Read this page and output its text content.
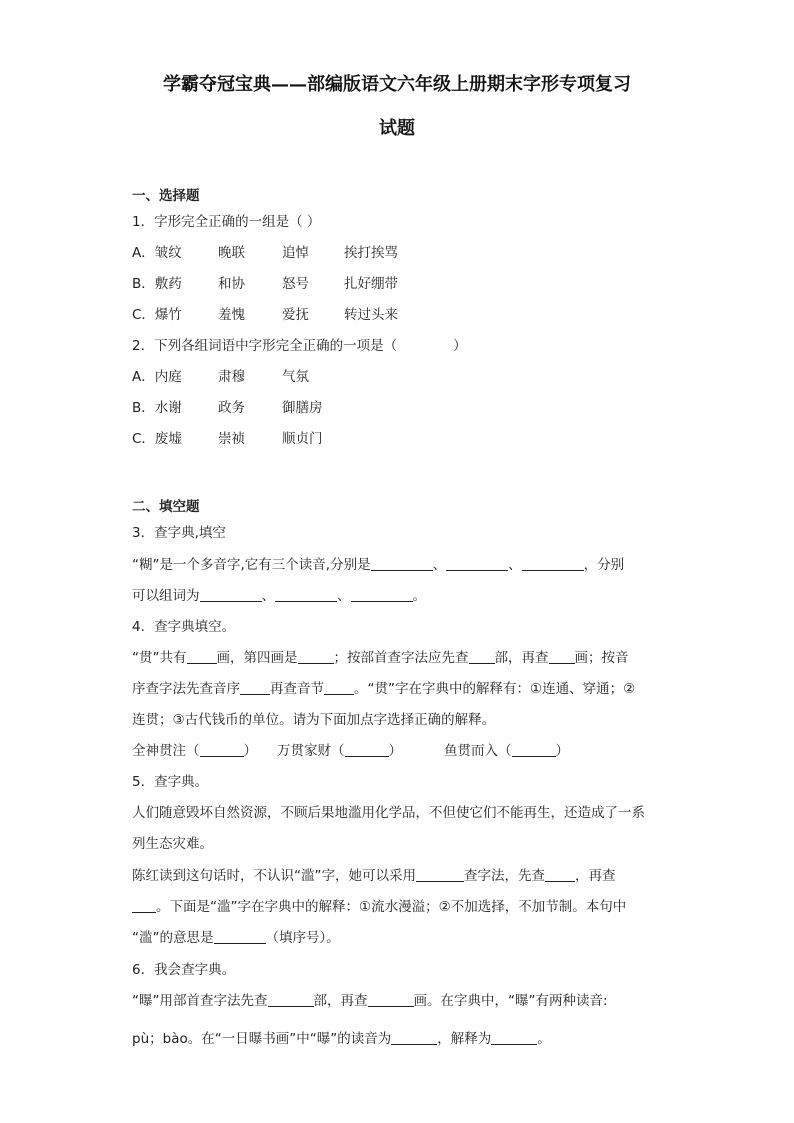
学霸夺冠宝典——部编版语文六年级上册期末字形专项复习
试题
一、选择题
1．字形完全正确的一组是（ ）
A．皱纹	晚联	追悼	挨打挨骂
B．敷药	和协	怒号	扎好绷带
C．爆竹	羞愧	爱抚	转过头来
2．下列各组词语中字形完全正确的一项是（	）
A．内庭	肃穆	气氛
B．水谢	政务	御膳房
C．废墟	崇祯	顺贞门
二、填空题
3．查字典,填空
“糊”是一个多音字,它有三个读音,分别是	、	、	，分别
可以组词为	、	、	。
4．查字典填空。
“贯”共有 画，第四画是	；按部首查字法应先查 部，再查 画；按音
序查字法先查音序 再查音节 。“贯”字在字典中的解释有：①连通、穿通；②
连贯；③古代钱币的单位。请为下面加点字选择正确的解释。
全神贯注（	） 万贯家财（	）	鱼贯而入（	）
5．查字典。
人们随意毁坏自然资源，不顾后果地滥用化学品，不但使它们不能再生，还造成了一系
列生态灾难。
陈红读到这句话时，不认识“滥”字，她可以采用	查字法，先查 ，再查
。下面是“滥”字在字典中的解释：①流水漫溢；②不加选择，不加节制。本句中
“滥”的意思是	（填序号）。
6．我会查字典。
“曝”用部首查字法先查	部，再查	画。在字典中，“曝”有两种读音:
pù；bào。在“一日曝书画”中“曝”的读音为	，解释为	。
